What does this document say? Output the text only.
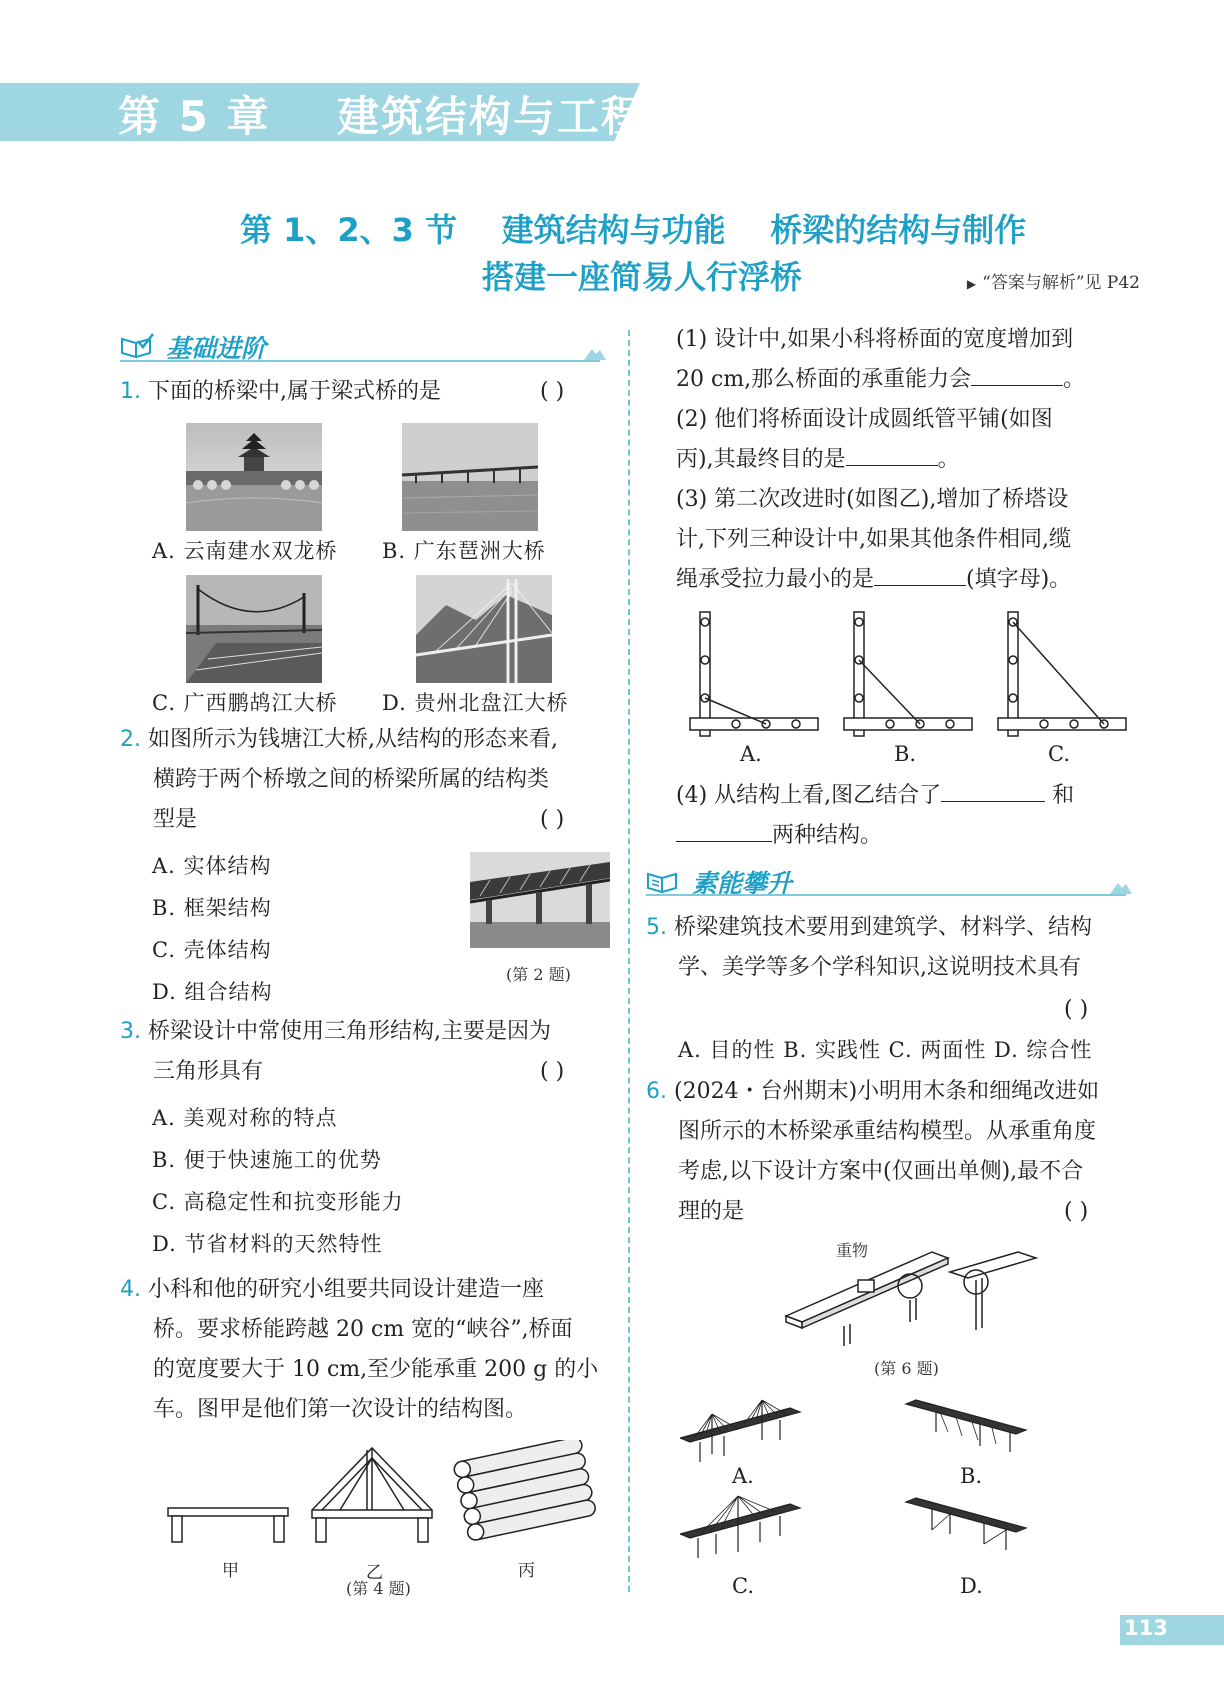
第 5 章    建筑结构与工程
第 1、2、3 节    建筑结构与功能    桥梁的结构与制作
搭建一座简易人行浮桥	▶ “答案与解析”见 P42
基础进阶
1. 下面的桥梁中,属于梁式桥的是	( )
A. 云南建水双龙桥 B. 广东琶洲大桥
C. 广西鹏鸪江大桥 D. 贵州北盘江大桥
2. 如图所示为钱塘江大桥,从结构的形态来看,
横跨于两个桥墩之间的桥梁所属的结构类
型是	( )
A. 实体结构
B. 框架结构
C. 壳体结构
D. 组合结构
(第 2 题)
3. 桥梁设计中常使用三角形结构,主要是因为
三角形具有	( )
A. 美观对称的特点
B. 便于快速施工的优势
C. 高稳定性和抗变形能力
D. 节省材料的天然特性
4. 小科和他的研究小组要共同设计建造一座
桥。要求桥能跨越 20 cm 宽的“峡谷”,桥面
的宽度要大于 10 cm,至少能承重 200 g 的小
车。图甲是他们第一次设计的结构图。
甲	乙	丙
(第 4 题)
(1) 设计中,如果小科将桥面的宽度增加到
20 cm,那么桥面的承重能力会	。
(2) 他们将桥面设计成圆纸管平铺(如图
丙),其最终目的是	。
(3) 第二次改进时(如图乙),增加了桥塔设
计,下列三种设计中,如果其他条件相同,缆
绳承受拉力最小的是	(填字母)。
A.	B.	C.
(4) 从结构上看,图乙结合了	和
两种结构。
素能攀升
5. 桥梁建筑技术要用到建筑学、材料学、结构
学、美学等多个学科知识,这说明技术具有
( )
A. 目的性 B. 实践性 C. 两面性 D. 综合性
6. (2024・台州期末)小明用木条和细绳改进如
图所示的木桥梁承重结构模型。从承重角度
考虑,以下设计方案中(仅画出单侧),最不合
理的是	( )
重物
(第 6 题)
A.	B.
C.	D.
113
